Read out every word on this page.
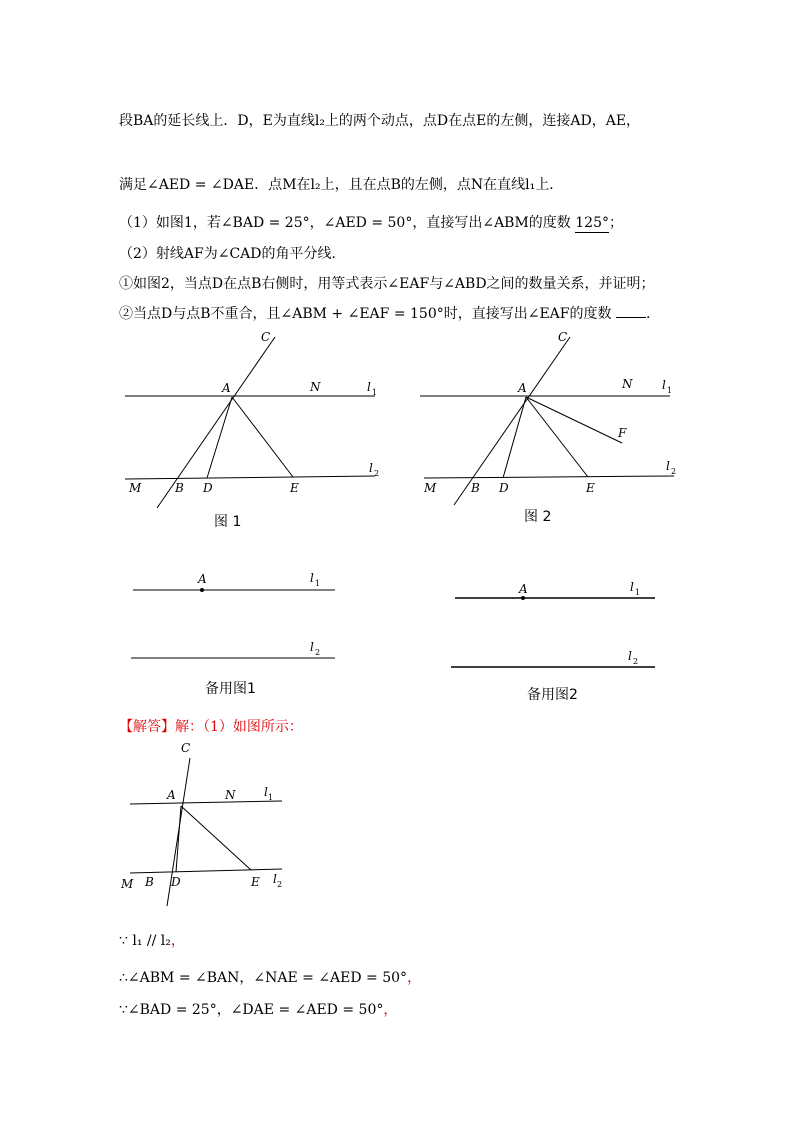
段BA的延长线上．D，E为直线l₂上的两个动点，点D在点E的左侧，连接AD，AE，
满足∠AED = ∠DAE．点M在l₂上，且在点B的左侧，点N在直线l₁上．
（1）如图1，若∠BAD = 25°，∠AED = 50°，直接写出∠ABM的度数 125°；
（2）射线AF为∠CAD的角平分线．
①如图2，当点D在点B右侧时，用等式表示∠EAF与∠ABD之间的数量关系，并证明；
②当点D与点B不重合，且∠ABM + ∠EAF = 150°时，直接写出∠EAF的度数 .
C
A	N	l 1
l 2
M	B D	E
图 1
C
A	N
F
l 1
l 2
M	B D	E
图 2
A	l 1
l 2
备用图1
A	l 1
l 2
备用图2
【解答】解：（1）如图所示：
C
A	N l 1
l 2
M B D	E
∵ l₁ // l₂，
∴∠ABM = ∠BAN，∠NAE = ∠AED = 50°，
∵∠BAD = 25°，∠DAE = ∠AED = 50°，
